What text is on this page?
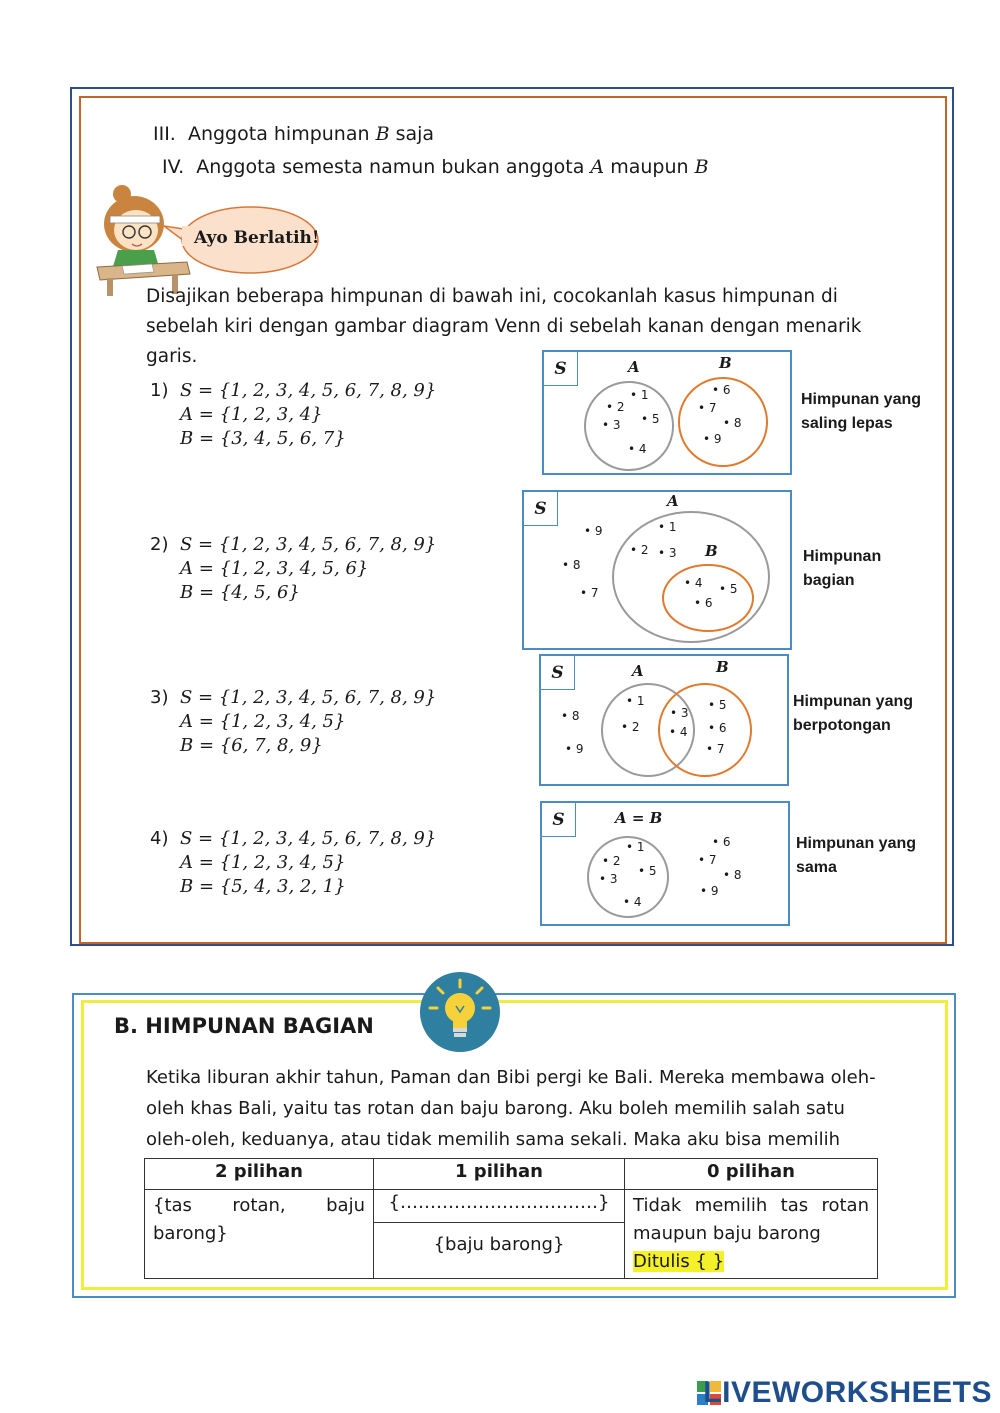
III. Anggota himpunan B saja
IV. Anggota semesta namun bukan anggota A maupun B
Ayo Berlatih!
Disajikan beberapa himpunan di bawah ini, cocokanlah kasus himpunan di sebelah kiri dengan gambar diagram Venn di sebelah kanan dengan menarik garis.
1) S = {1, 2, 3, 4, 5, 6, 7, 8, 9}
A = {1, 2, 3, 4}
B = {3, 4, 5, 6, 7}
2) S = {1, 2, 3, 4, 5, 6, 7, 8, 9}
A = {1, 2, 3, 4, 5, 6}
B = {4, 5, 6}
3) S = {1, 2, 3, 4, 5, 6, 7, 8, 9}
A = {1, 2, 3, 4, 5}
B = {6, 7, 8, 9}
4) S = {1, 2, 3, 4, 5, 6, 7, 8, 9}
A = {1, 2, 3, 4, 5}
B = {5, 4, 3, 2, 1}
S	A	B
• 1
• 2
• 3
• 4
• 5
• 6
• 7
• 8
• 9
Himpunan yang
saling lepas
S	A
B
• 1
• 2 • 3
• 4 • 5
• 6
• 7
• 8
• 9
Himpunan
bagian
S	A	B
• 1
• 2
• 3
• 4
• 5
• 6
• 7
• 8
• 9
Himpunan yang
berpotongan
S	A = B
• 1
• 2
• 3
• 4
• 5
• 6
• 7
• 8
• 9
Himpunan yang
sama
B. HIMPUNAN BAGIAN
Ketika liburan akhir tahun, Paman dan Bibi pergi ke Bali. Mereka membawa oleh-oleh khas Bali, yaitu tas rotan dan baju barong. Aku boleh memilih salah satu oleh-oleh, keduanya, atau tidak memilih sama sekali. Maka aku bisa memilih
2 pilihan	1 pilihan	0 pilihan
{tas rotan, baju barong}	{……………………………}	Tidak memilih tas rotan maupun baju barong
Ditulis { }
	{baju barong}	
LIVEWORKSHEETS
